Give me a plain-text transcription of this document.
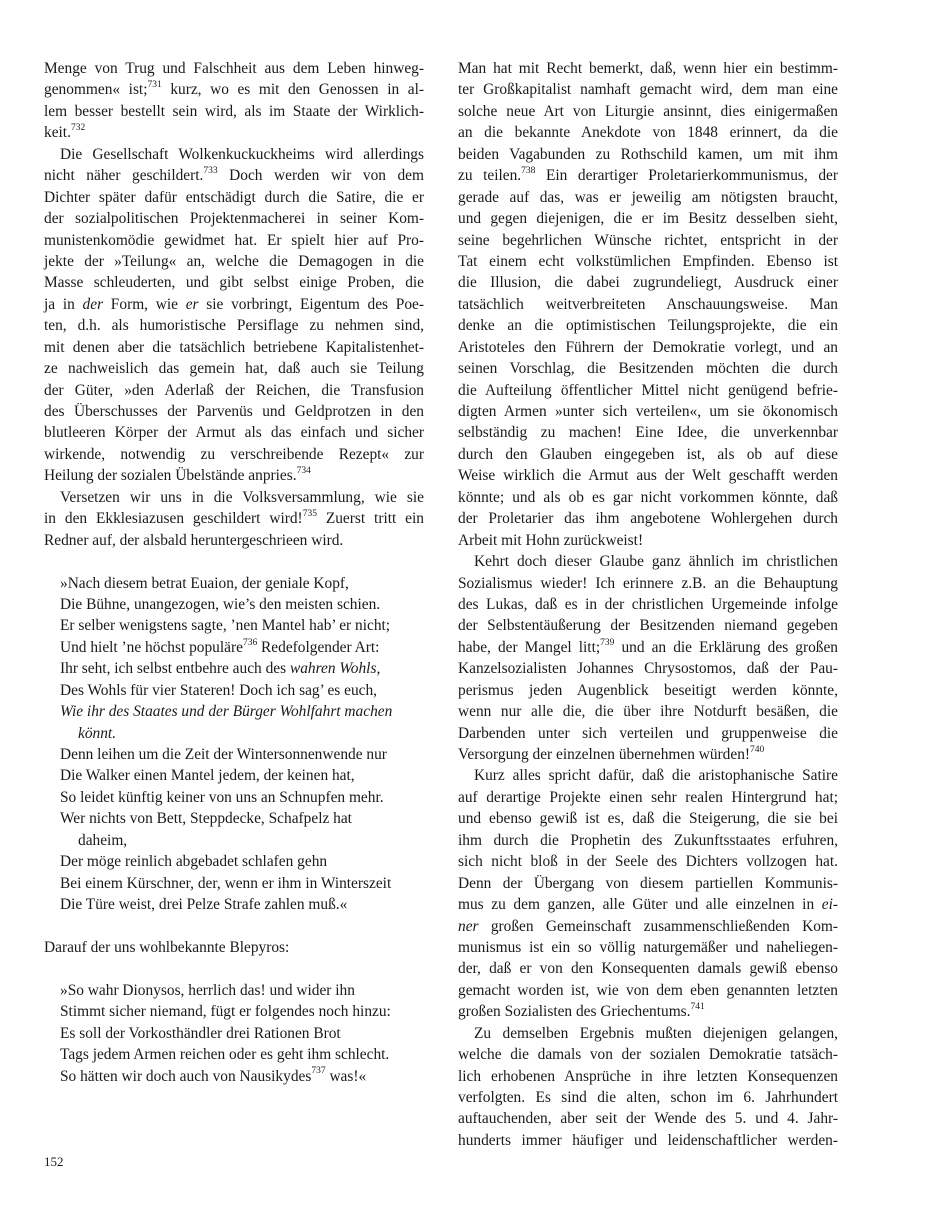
Menge von Trug und Falschheit aus dem Leben hinweg-
genommen« ist;$^{731}$ kurz, wo es mit den Genossen in al-
lem besser bestellt sein wird, als im Staate der Wirklich-
keit.$^{732}$
Die Gesellschaft Wolkenkuckuckheims wird allerdings
nicht näher geschildert.$^{733}$ Doch werden wir von dem
Dichter später dafür entschädigt durch die Satire, die er
der sozialpolitischen Projektenmacherei in seiner Kom-
munistenkomödie gewidmet hat. Er spielt hier auf Pro-
jekte der »Teilung« an, welche die Demagogen in die
Masse schleuderten, und gibt selbst einige Proben, die
ja in der Form, wie er sie vorbringt, Eigentum des Poe-
ten, d.h. als humoristische Persiflage zu nehmen sind,
mit denen aber die tatsächlich betriebene Kapitalistenhet-
ze nachweislich das gemein hat, daß auch sie Teilung
der Güter, »den Aderlaß der Reichen, die Transfusion
des Überschusses der Parvenüs und Geldprotzen in den
blutleeren Körper der Armut als das einfach und sicher
wirkende, notwendig zu verschreibende Rezept« zur
Heilung der sozialen Übelstände anpries.$^{734}$
Versetzen wir uns in die Volksversammlung, wie sie
in den Ekklesiazusen geschildert wird!$^{735}$ Zuerst tritt ein
Redner auf, der alsbald heruntergeschrieen wird.
»Nach diesem betrat Euaion, der geniale Kopf,
Die Bühne, unangezogen, wie’s den meisten schien.
Er selber wenigstens sagte, ’nen Mantel hab’ er nicht;
Und hielt ’ne höchst populäre$^{736}$ Redefolgender Art:
Ihr seht, ich selbst entbehre auch des wahren Wohls,
Des Wohls für vier Stateren! Doch ich sag’ es euch,
Wie ihr des Staates und der Bürger Wohlfahrt machen
könnt.
Denn leihen um die Zeit der Wintersonnenwende nur
Die Walker einen Mantel jedem, der keinen hat,
So leidet künftig keiner von uns an Schnupfen mehr.
Wer nichts von Bett, Steppdecke, Schafpelz hat
daheim,
Der möge reinlich abgebadet schlafen gehn
Bei einem Kürschner, der, wenn er ihm in Winterszeit
Die Türe weist, drei Pelze Strafe zahlen muß.«
Darauf der uns wohlbekannte Blepyros:
»So wahr Dionysos, herrlich das! und wider ihn
Stimmt sicher niemand, fügt er folgendes noch hinzu:
Es soll der Vorkosthändler drei Rationen Brot
Tags jedem Armen reichen oder es geht ihm schlecht.
So hätten wir doch auch von Nausikydes$^{737}$ was!«
Man hat mit Recht bemerkt, daß, wenn hier ein bestimm-
ter Großkapitalist namhaft gemacht wird, dem man eine
solche neue Art von Liturgie ansinnt, dies einigermaßen
an die bekannte Anekdote von 1848 erinnert, da die
beiden Vagabunden zu Rothschild kamen, um mit ihm
zu teilen.$^{738}$ Ein derartiger Proletarierkommunismus, der
gerade auf das, was er jeweilig am nötigsten braucht,
und gegen diejenigen, die er im Besitz desselben sieht,
seine begehrlichen Wünsche richtet, entspricht in der
Tat einem echt volkstümlichen Empfinden. Ebenso ist
die Illusion, die dabei zugrundeliegt, Ausdruck einer
tatsächlich weitverbreiteten Anschauungsweise. Man
denke an die optimistischen Teilungsprojekte, die ein
Aristoteles den Führern der Demokratie vorlegt, und an
seinen Vorschlag, die Besitzenden möchten die durch
die Aufteilung öffentlicher Mittel nicht genügend befrie-
digten Armen »unter sich verteilen«, um sie ökonomisch
selbständig zu machen! Eine Idee, die unverkennbar
durch den Glauben eingegeben ist, als ob auf diese
Weise wirklich die Armut aus der Welt geschafft werden
könnte; und als ob es gar nicht vorkommen könnte, daß
der Proletarier das ihm angebotene Wohlergehen durch
Arbeit mit Hohn zurückweist!
Kehrt doch dieser Glaube ganz ähnlich im christlichen
Sozialismus wieder! Ich erinnere z.B. an die Behauptung
des Lukas, daß es in der christlichen Urgemeinde infolge
der Selbstentäußerung der Besitzenden niemand gegeben
habe, der Mangel litt;$^{739}$ und an die Erklärung des großen
Kanzelsozialisten Johannes Chrysostomos, daß der Pau-
perismus jeden Augenblick beseitigt werden könnte,
wenn nur alle die, die über ihre Notdurft besäßen, die
Darbenden unter sich verteilen und gruppenweise die
Versorgung der einzelnen übernehmen würden!$^{740}$
Kurz alles spricht dafür, daß die aristophanische Satire
auf derartige Projekte einen sehr realen Hintergrund hat;
und ebenso gewiß ist es, daß die Steigerung, die sie bei
ihm durch die Prophetin des Zukunftsstaates erfuhren,
sich nicht bloß in der Seele des Dichters vollzogen hat.
Denn der Übergang von diesem partiellen Kommunis-
mus zu dem ganzen, alle Güter und alle einzelnen in ei-
ner großen Gemeinschaft zusammenschließenden Kom-
munismus ist ein so völlig naturgemäßer und naheliegen-
der, daß er von den Konsequenten damals gewiß ebenso
gemacht worden ist, wie von dem eben genannten letzten
großen Sozialisten des Griechentums.$^{741}$
Zu demselben Ergebnis mußten diejenigen gelangen,
welche die damals von der sozialen Demokratie tatsäch-
lich erhobenen Ansprüche in ihre letzten Konsequenzen
verfolgten. Es sind die alten, schon im 6. Jahrhundert
auftauchenden, aber seit der Wende des 5. und 4. Jahr-
hunderts immer häufiger und leidenschaftlicher werden-
152
